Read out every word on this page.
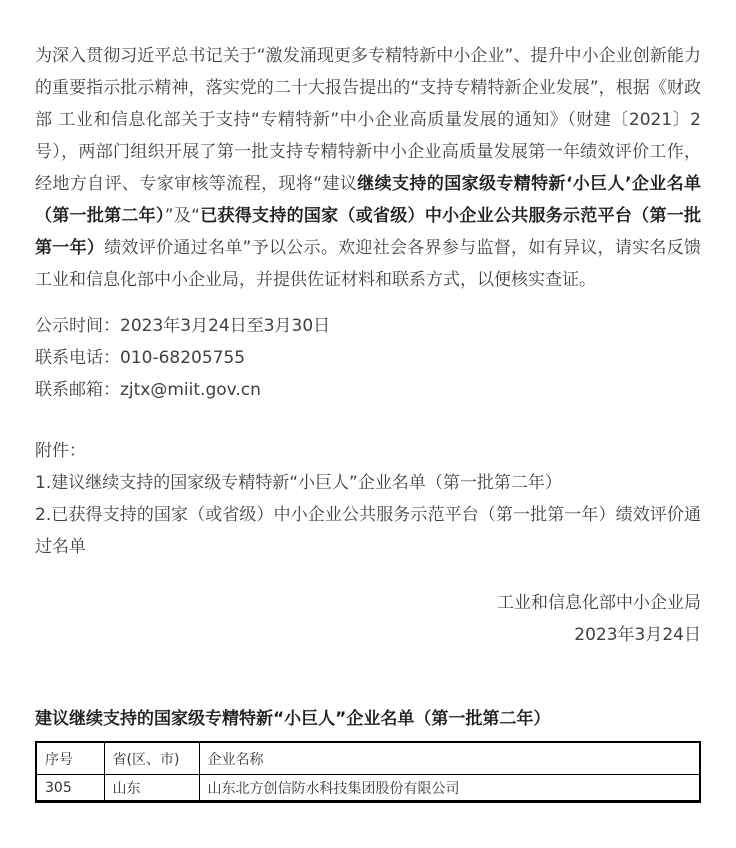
为深入贯彻习近平总书记关于“激发涌现更多专精特新中小企业”、提升中小企业创新能力的重要指示批示精神，落实党的二十大报告提出的“支持专精特新企业发展”，根据《财政部 工业和信息化部关于支持“专精特新”中小企业高质量发展的通知》（财建〔2021〕2号），两部门组织开展了第一批支持专精特新中小企业高质量发展第一年绩效评价工作，经地方自评、专家审核等流程，现将“建议继续支持的国家级专精特新‘小巨人’企业名单（第一批第二年）”及“已获得支持的国家（或省级）中小企业公共服务示范平台（第一批第一年）绩效评价通过名单”予以公示。欢迎社会各界参与监督，如有异议，请实名反馈工业和信息化部中小企业局，并提供佐证材料和联系方式，以便核实查证。

公示时间：2023年3月24日至3月30日

联系电话：010-68205755

联系邮箱：zjtx@miit.gov.cn

附件：

1.建议继续支持的国家级专精特新“小巨人”企业名单（第一批第二年）

2.已获得支持的国家（或省级）中小企业公共服务示范平台（第一批第一年）绩效评价通过名单

工业和信息化部中小企业局

2023年3月24日

建议继续支持的国家级专精特新“小巨人”企业名单（第一批第二年）
序号	省(区、市)	企业名称
305	山东	山东北方创信防水科技集团股份有限公司
